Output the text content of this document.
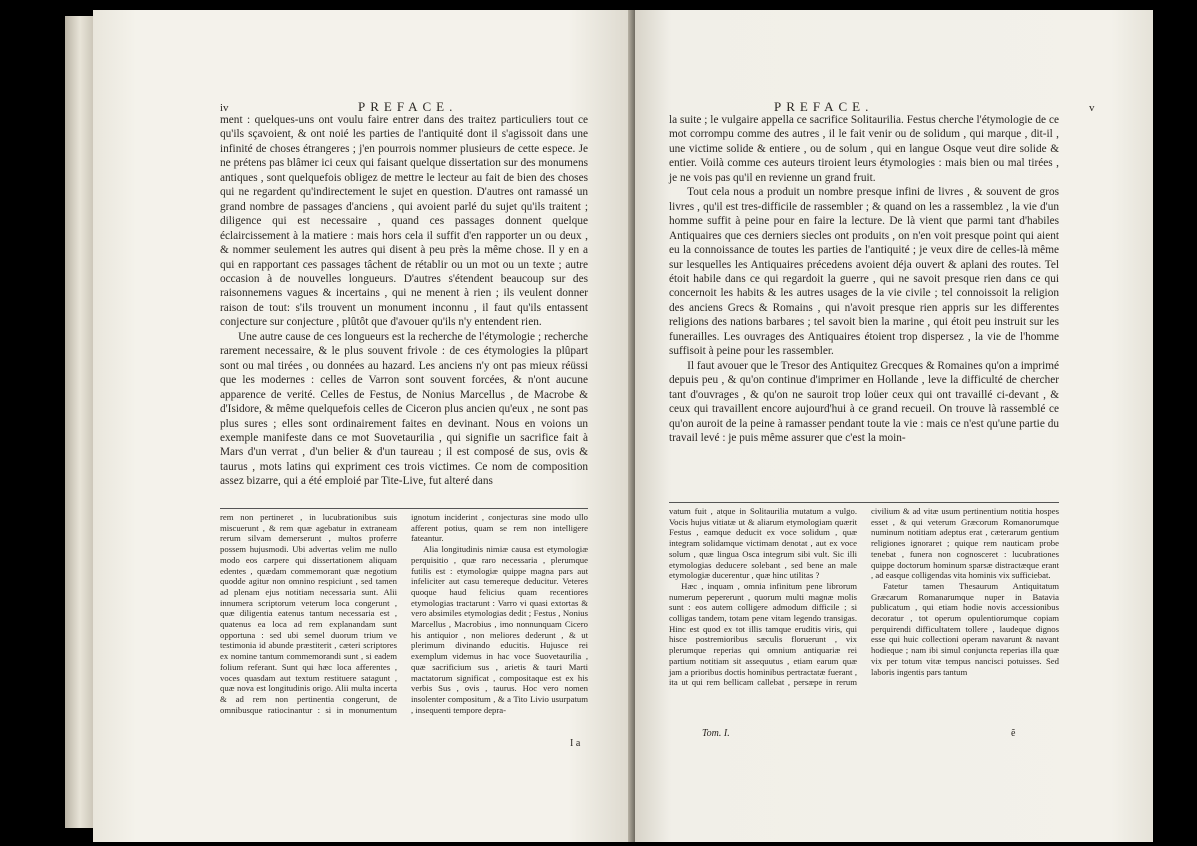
iv	PREFACE.

ment : quelques-uns ont voulu faire entrer dans des traitez particuliers tout ce qu'ils sçavoient, & ont noié les parties de l'antiquité dont il s'agissoit dans une infinité de choses étrangeres ; j'en pourrois nommer plusieurs de cette espece. Je ne prétens pas blâmer ici ceux qui faisant quelque dissertation sur des monumens antiques , sont quelquefois obligez de mettre le lecteur au fait de bien des choses qui ne regardent qu'indirectement le sujet en question. D'autres ont ramassé un grand nombre de passages d'anciens , qui avoient parlé du sujet qu'ils traitent ; diligence qui est necessaire , quand ces passages donnent quelque éclaircissement à la matiere : mais hors cela il suffit d'en rapporter un ou deux , & nommer seulement les autres qui disent à peu près la même chose. Il y en a qui en rapportant ces passages tâchent de rétablir ou un mot ou un texte ; autre occasion à de nouvelles longueurs. D'autres s'étendent beaucoup sur des raisonnemens vagues & incertains , qui ne menent à rien ; ils veulent donner raison de tout: s'ils trouvent un monument inconnu , il faut qu'ils entassent conjecture sur conjecture , plûtôt que d'avouer qu'ils n'y entendent rien.

Une autre cause de ces longueurs est la recherche de l'étymologie ; recherche rarement necessaire, & le plus souvent frivole : de ces étymologies la plûpart sont ou mal tirées , ou données au hazard. Les anciens n'y ont pas mieux réüssi que les modernes : celles de Varron sont souvent forcées, & n'ont aucune apparence de verité. Celles de Festus, de Nonius Marcellus , de Macrobe & d'Isidore, & même quelquefois celles de Ciceron plus ancien qu'eux , ne sont pas plus sures ; elles sont ordinairement faites en devinant. Nous en voions un exemple manifeste dans ce mot Suovetaurilia , qui signifie un sacrifice fait à Mars d'un verrat , d'un belier & d'un taureau ; il est composé de sus, ovis & taurus , mots latins qui expriment ces trois victimes. Ce nom de composition assez bizarre, qui a été emploié par Tite-Live, fut alteré dans

rem non pertineret , in lucubrationibus suis miscuerunt , & rem quæ agebatur in extraneam rerum silvam demerserunt , multos proferre possem hujusmodi. Ubi advertas velim me nullo modo eos carpere qui dissertationem aliquam edentes , quædam commemorant quæ negotium quodde agitur non omnino respiciunt , sed tamen ad plenam ejus notitiam necessaria sunt. Alii innumera scriptorum veterum loca congerunt , quæ diligentia eatenus tantum necessaria est , quatenus ea loca ad rem explanandam sunt opportuna : sed ubi semel duorum trium ve testimonia id abunde præstiterit , cæteri scriptores ex nomine tantum commemorandi sunt , si eadem folium referant. Sunt qui hæc loca afferentes , voces quasdam aut textum restituere satagunt , quæ nova est longitudinis origo. Alii multa incerta & ad rem non pertinentia congerunt, de omnibusque ratiocinantur : si in monumentum ignotum inciderint , conjecturas sine modo ullo afferent potius, quam se rem non intelligere fateantur.

Alia longitudinis nimiæ causa est etymologiæ perquisitio , quæ raro necessaria , plerumque futilis est : etymologiæ quippe magna pars aut infeliciter aut casu temereque deducitur. Veteres quoque haud felicius quam recentiores etymologias tractarunt : Varro vi quasi extortas & vero absimiles etymologias dedit ; Festus , Nonius Marcellus , Macrobius , imo nonnunquam Cicero his antiquior , non meliores dederunt , & ut plerimum divinando educitis. Hujusce rei exemplum videmus in hac voce Suovetaurilia , quæ sacrificium sus , arietis & tauri Marti mactatorum significat , compositaque est ex his verbis Sus , ovis , taurus. Hoc vero nomen insolenter compositum , & a Tito Livio usurpatum , insequenti tempore depra-

I a
PREFACE.	v

la suite ; le vulgaire appella ce sacrifice Solitaurilia. Festus cherche l'étymologie de ce mot corrompu comme des autres , il le fait venir ou de solidum , qui marque , dit-il , une victime solide & entiere , ou de solum , qui en langue Osque veut dire solide & entier. Voilà comme ces auteurs tiroient leurs étymologies : mais bien ou mal tirées , je ne vois pas qu'il en revienne un grand fruit.

Tout cela nous a produit un nombre presque infini de livres , & souvent de gros livres , qu'il est tres-difficile de rassembler ; & quand on les a rassemblez , la vie d'un homme suffit à peine pour en faire la lecture. De là vient que parmi tant d'habiles Antiquaires que ces derniers siecles ont produits , on n'en voit presque point qui aient eu la connoissance de toutes les parties de l'antiquité ; je veux dire de celles-là même sur lesquelles les Antiquaires précedens avoient déja ouvert & aplani des routes. Tel étoit habile dans ce qui regardoit la guerre , qui ne savoit presque rien dans ce qui concernoit les habits & les autres usages de la vie civile ; tel connoissoit la religion des anciens Grecs & Romains , qui n'avoit presque rien appris sur les differentes religions des nations barbares ; tel savoit bien la marine , qui étoit peu instruit sur les funerailles. Les ouvrages des Antiquaires étoient trop dispersez , la vie de l'homme suffisoit à peine pour les rassembler.

Il faut avouer que le Tresor des Antiquitez Grecques & Romaines qu'on a imprimé depuis peu , & qu'on continue d'imprimer en Hollande , leve la difficulté de chercher tant d'ouvrages , & qu'on ne sauroit trop loüer ceux qui ont travaillé ci-devant , & ceux qui travaillent encore aujourd'hui à ce grand recueil. On trouve là rassemblé ce qu'on auroit de la peine à ramasser pendant toute la vie : mais ce n'est qu'une partie du travail levé : je puis même assurer que c'est la moin-

vatum fuit , atque in Solitaurilia mutatum a vulgo. Vocis hujus vitiatæ ut & aliarum etymologiam quærit Festus , eamque deducit ex voce solidum , quæ integram solidamque victimam denotat , aut ex voce solum , quæ lingua Osca integrum sibi vult. Sic illi etymologias deducere solebant , sed bene an male etymologiæ ducerentur , quæ hinc utilitas ?

Hæc , inquam , omnia infinitum pene librorum numerum pepererunt , quorum multi magnæ molis sunt : eos autem colligere admodum difficile ; si colligas tandem, totam pene vitam legendo transigas. Hinc est quod ex tot illis tamque eruditis viris, qui hisce postremioribus sæculis floruerunt , vix plerumque reperias qui omnium antiquariæ rei partium notitiam sit assequutus , etiam earum quæ jam a prioribus doctis hominibus pertractatæ fuerant , ita ut qui rem bellicam callebat , persæpe in rerum civilium & ad vitæ usum pertinentium notitia hospes esset , & qui veterum Græcorum Romanorumque numinum notitiam adeptus erat , cæterarum gentium religiones ignoraret ; quique rem nauticam probe tenebat , funera non cognosceret : lucubrationes quippe doctorum hominum sparsæ distractæque erant , ad easque colligendas vita hominis vix sufficiebat.

Fatetur tamen Thesaurum Antiquitatum Græcarum Romanarumque nuper in Batavia publicatum , qui etiam hodie novis accessionibus decoratur , tot operum opulentiorumque copiam perquirendi difficultatem tollere , laudeque dignos esse qui huic collectioni operam navarunt & navant hodieque ; nam ibi simul conjuncta reperias illa quæ vix per totum vitæ tempus nancisci potuisses. Sed laboris ingentis pars tantum

Tom. I.	ẽ
